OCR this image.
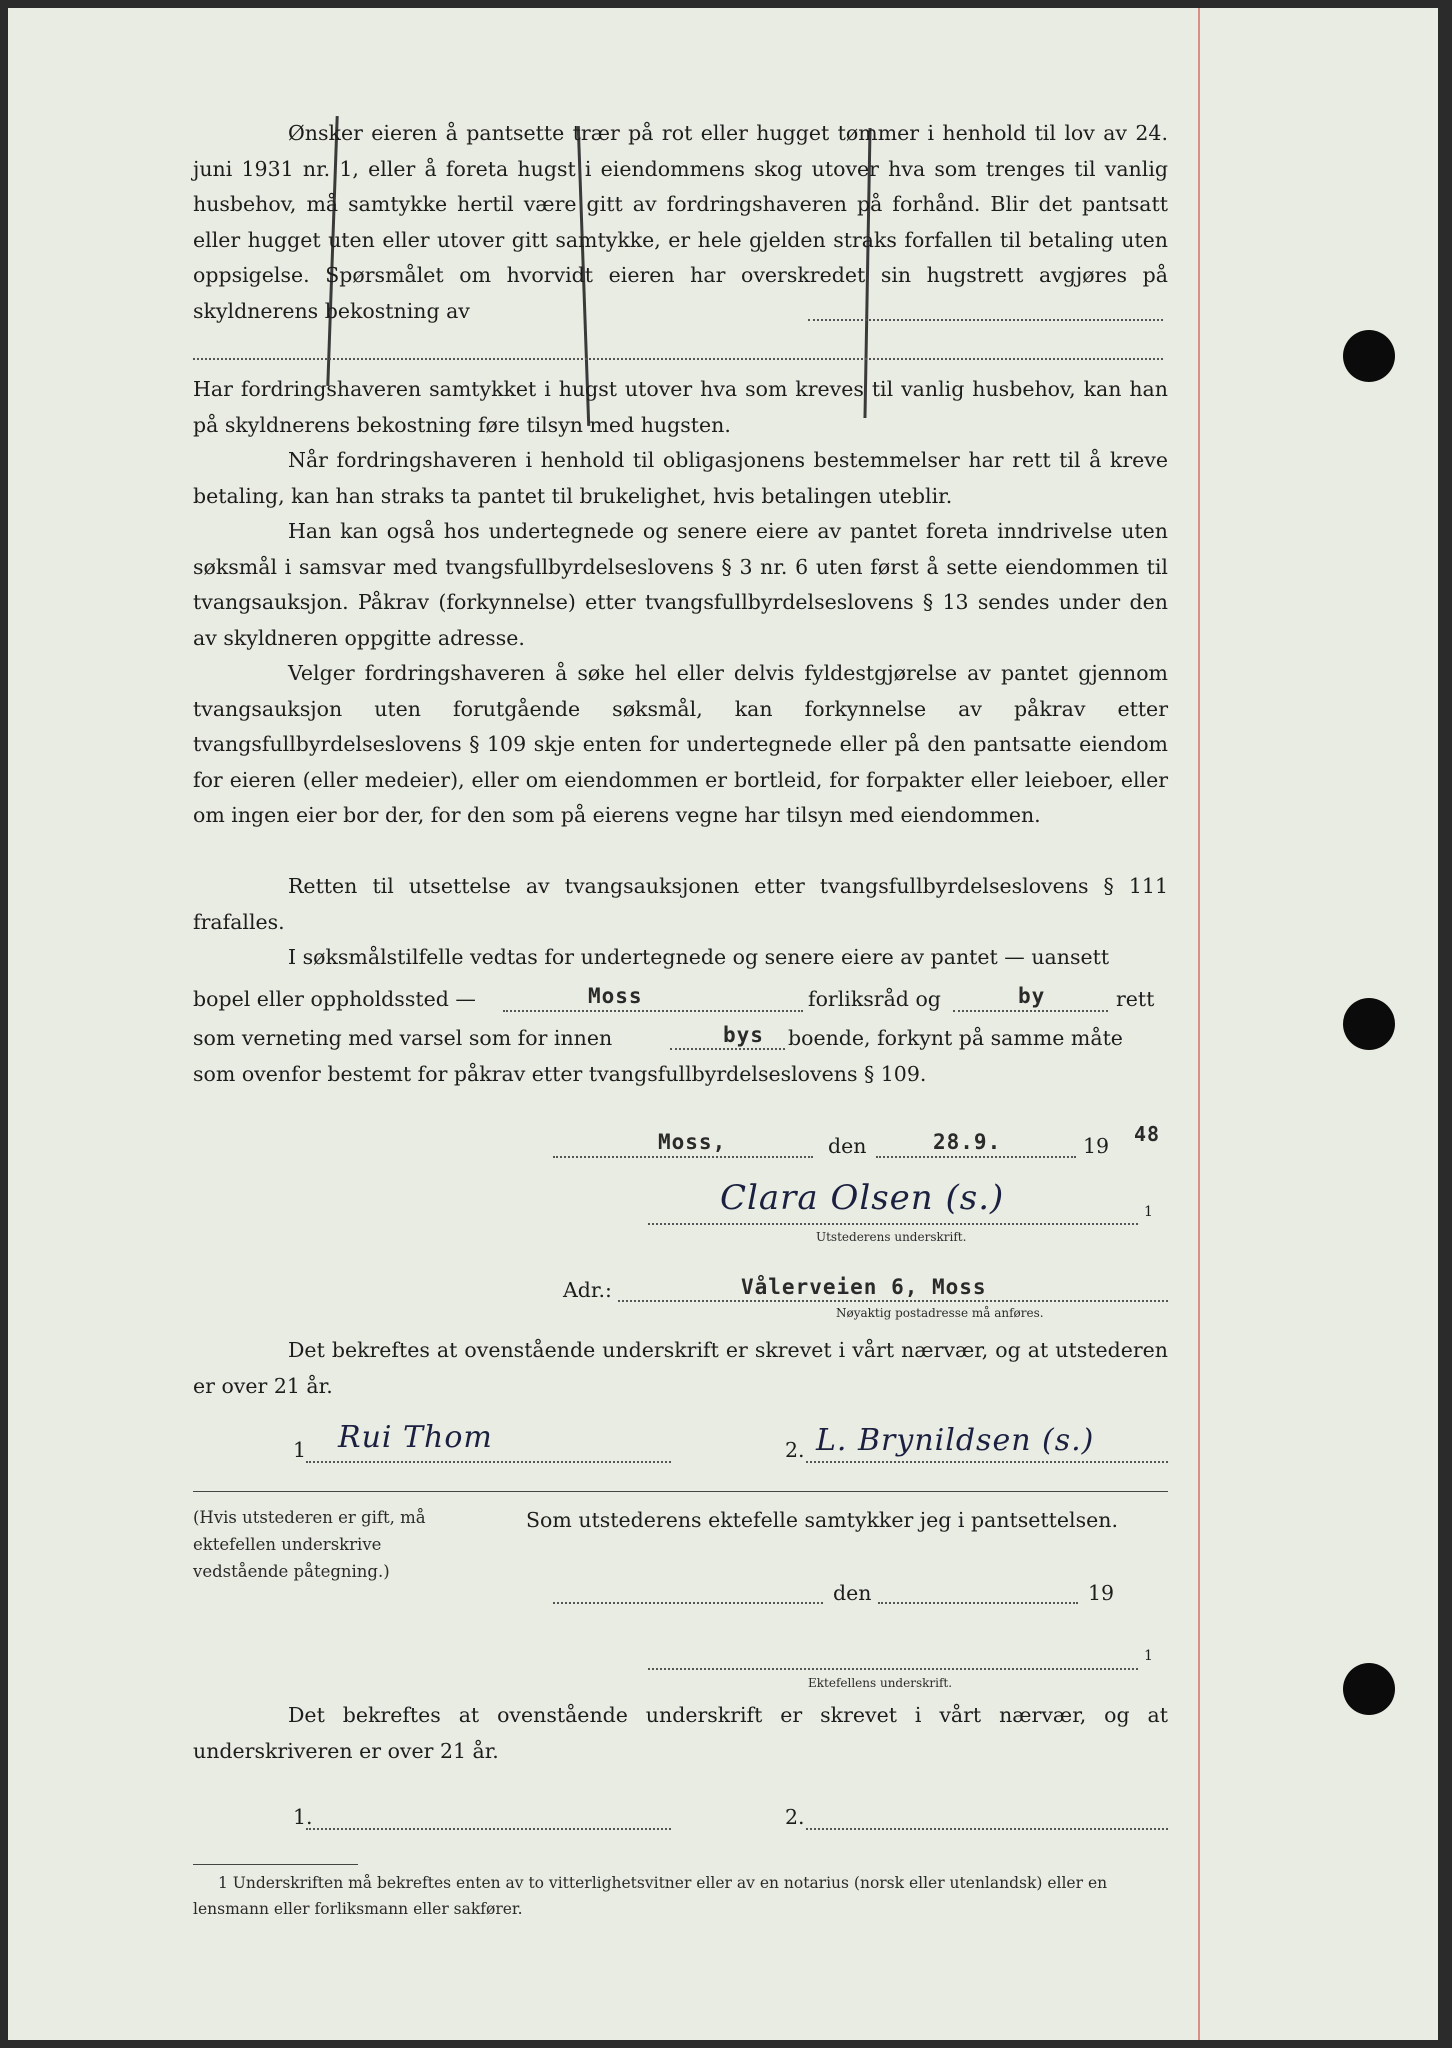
Ønsker eieren å pantsette trær på rot eller hugget tømmer i henhold til lov av 24. juni 1931 nr. 1, eller å foreta hugst i eiendommens skog utover hva som trenges til vanlig husbehov, må samtykke hertil være gitt av fordringshaveren på forhånd. Blir det pantsatt eller hugget uten eller utover gitt samtykke, er hele gjelden straks forfallen til betaling uten oppsigelse. Spørsmålet om hvorvidt eieren har overskredet sin hugstrett avgjøres på skyldnerens bekostning av

Har fordringshaveren samtykket i hugst utover hva som kreves til vanlig husbehov, kan han på skyldnerens bekostning føre tilsyn med hugsten.

Når fordringshaveren i henhold til obligasjonens bestemmelser har rett til å kreve betaling, kan han straks ta pantet til brukelighet, hvis betalingen uteblir.

Han kan også hos undertegnede og senere eiere av pantet foreta inndrivelse uten søksmål i samsvar med tvangsfullbyrdelseslovens § 3 nr. 6 uten først å sette eiendommen til tvangsauksjon. Påkrav (forkynnelse) etter tvangsfullbyrdelseslovens § 13 sendes under den av skyldneren oppgitte adresse.

Velger fordringshaveren å søke hel eller delvis fyldestgjørelse av pantet gjennom tvangsauksjon uten forutgående søksmål, kan forkynnelse av påkrav etter tvangsfullbyrdelseslovens § 109 skje enten for undertegnede eller på den pantsatte eiendom for eieren (eller medeier), eller om eiendommen er bortleid, for forpakter eller leieboer, eller om ingen eier bor der, for den som på eierens vegne har tilsyn med eiendommen.

Retten til utsettelse av tvangsauksjonen etter tvangsfullbyrdelseslovens § 111 frafalles.

I søksmålstilfelle vedtas for undertegnede og senere eiere av pantet — uansett

bopel eller oppholdssted —	Moss	forliksråd og	by	rett
som verneting med varsel som for innen	bys boende, forkynt på samme måte
som ovenfor bestemt for påkrav etter tvangsfullbyrdelseslovens § 109.
Moss,	den	28.9.	19 48
Clara Olsen (s.)	1
Utstederens underskrift.
Adr.:	Vålerveien 6, Moss
Nøyaktig postadresse må anføres.

Det bekreftes at ovenstående underskrift er skrevet i vårt nærvær, og at utstederen er over 21 år.

1 Rui Thom	2. L. Brynildsen (s.)
(Hvis utstederen er gift, må ektefellen underskrive vedstående påtegning.)
Som utstederens ektefelle samtykker jeg i pantsettelsen.
den	19
1
Ektefellens underskrift.

Det bekreftes at ovenstående underskrift er skrevet i vårt nærvær, og at underskriveren er over 21 år.

1.	2.
1 Underskriften må bekreftes enten av to vitterlighetsvitner eller av en notarius (norsk eller utenlandsk) eller en lensmann eller forliksmann eller sakfører.
